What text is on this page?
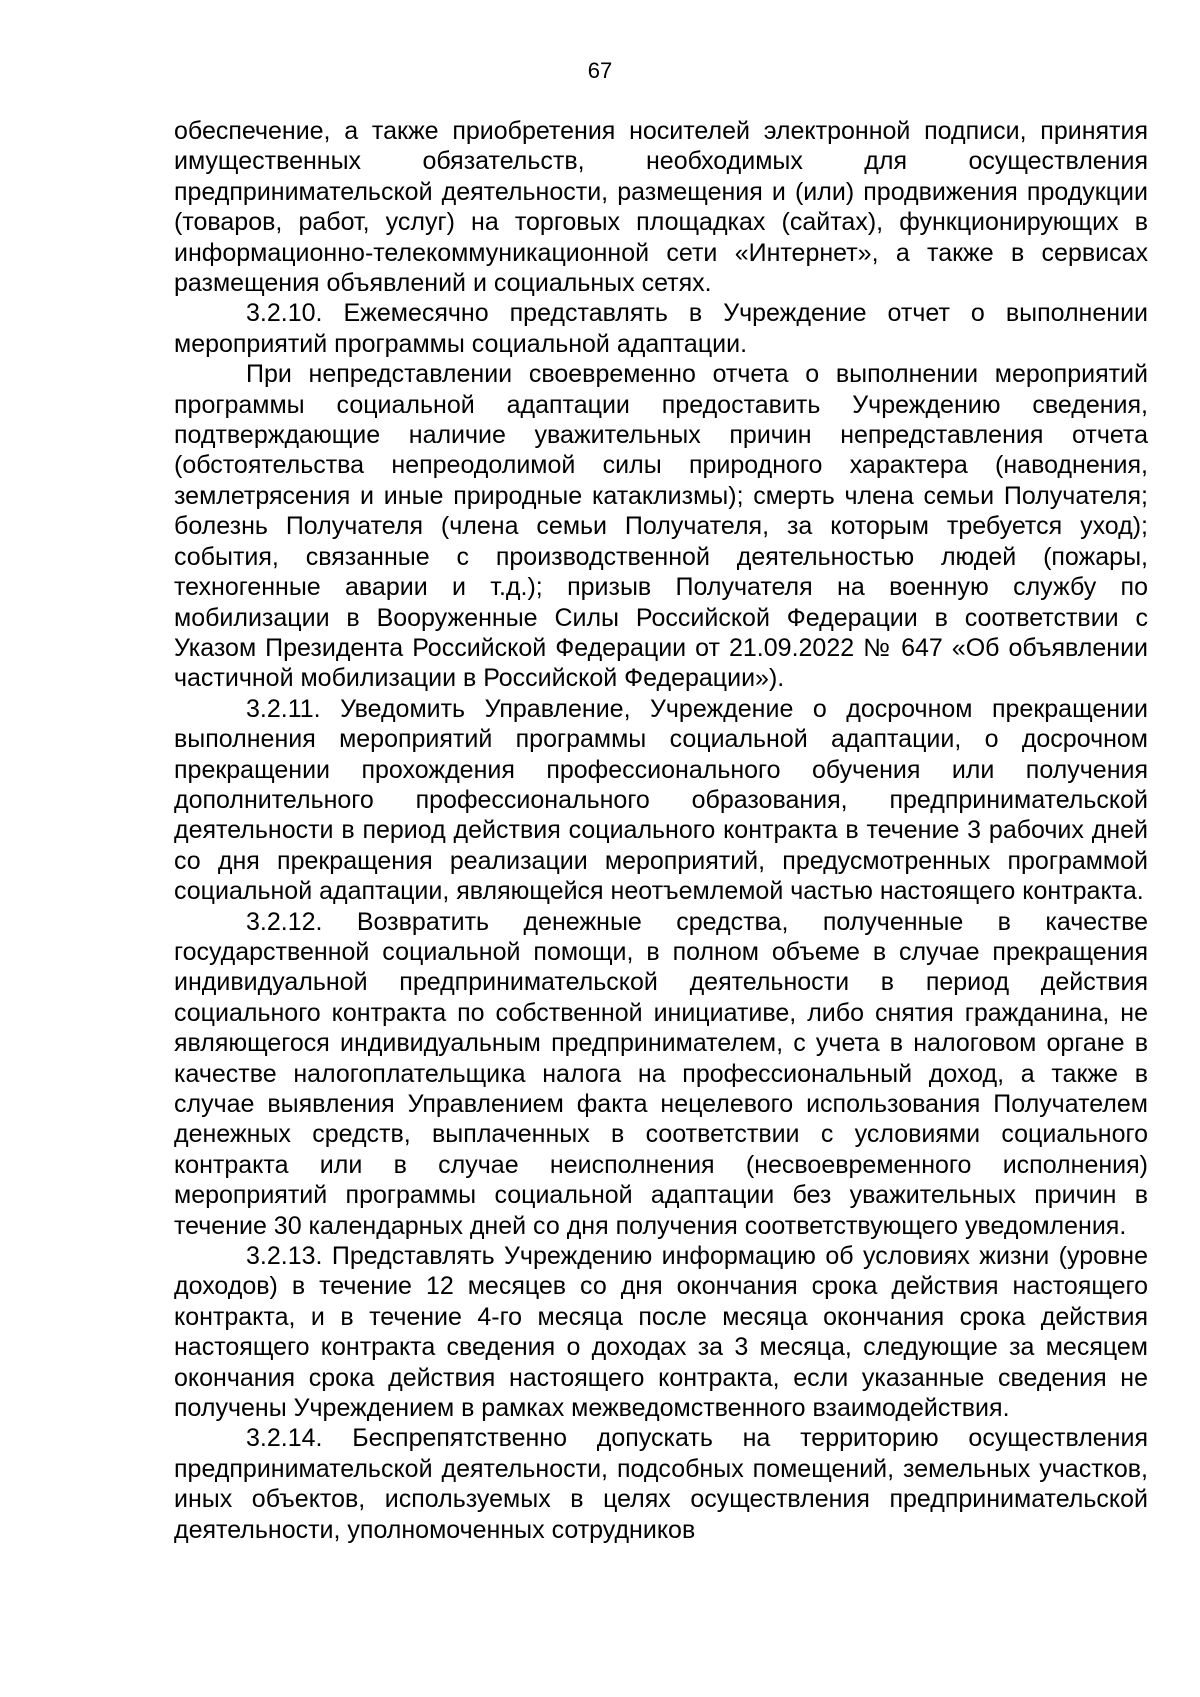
67

обеспечение, а также приобретения носителей электронной подписи, принятия имущественных обязательств, необходимых для осуществления предпринимательской деятельности, размещения и (или) продвижения продукции (товаров, работ, услуг) на торговых площадках (сайтах), функционирующих в информационно-телекоммуникационной сети «Интернет», а также в сервисах размещения объявлений и социальных сетях.

3.2.10. Ежемесячно представлять в Учреждение отчет о выполнении мероприятий программы социальной адаптации.

При непредставлении своевременно отчета о выполнении мероприятий программы социальной адаптации предоставить Учреждению сведения, подтверждающие наличие уважительных причин непредставления отчета (обстоятельства непреодолимой силы природного характера (наводнения, землетрясения и иные природные катаклизмы); смерть члена семьи Получателя; болезнь Получателя (члена семьи Получателя, за которым требуется уход); события, связанные с производственной деятельностью людей (пожары, техногенные аварии и т.д.); призыв Получателя на военную службу по мобилизации в Вооруженные Силы Российской Федерации в соответствии с Указом Президента Российской Федерации от 21.09.2022 № 647 «Об объявлении частичной мобилизации в Российской Федерации»).

3.2.11. Уведомить Управление, Учреждение о досрочном прекращении выполнения мероприятий программы социальной адаптации, о досрочном прекращении прохождения профессионального обучения или получения дополнительного профессионального образования, предпринимательской деятельности в период действия социального контракта в течение 3 рабочих дней со дня прекращения реализации мероприятий, предусмотренных программой социальной адаптации, являющейся неотъемлемой частью настоящего контракта.

3.2.12. Возвратить денежные средства, полученные в качестве государственной социальной помощи, в полном объеме в случае прекращения индивидуальной предпринимательской деятельности в период действия социального контракта по собственной инициативе, либо снятия гражданина, не являющегося индивидуальным предпринимателем, с учета в налоговом органе в качестве налогоплательщика налога на профессиональный доход, а также в случае выявления Управлением факта нецелевого использования Получателем денежных средств, выплаченных в соответствии с условиями социального контракта или в случае неисполнения (несвоевременного исполнения) мероприятий программы социальной адаптации без уважительных причин в течение 30 календарных дней со дня получения соответствующего уведомления.

3.2.13. Представлять Учреждению информацию об условиях жизни (уровне доходов) в течение 12 месяцев со дня окончания срока действия настоящего контракта, и в течение 4-го месяца после месяца окончания срока действия настоящего контракта сведения о доходах за 3 месяца, следующие за месяцем окончания срока действия настоящего контракта, если указанные сведения не получены Учреждением в рамках межведомственного взаимодействия.

3.2.14. Беспрепятственно допускать на территорию осуществления предпринимательской деятельности, подсобных помещений, земельных участков, иных объектов, используемых в целях осуществления предпринимательской деятельности, уполномоченных сотрудников
